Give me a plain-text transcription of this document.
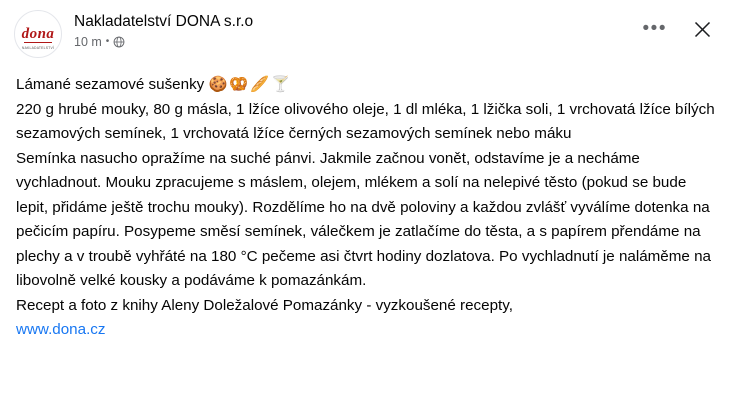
dona
NAKLADATELSTVÍ
Nakladatelství DONA s.r.o
10 m •
•••

Lámané sezamové sušenky 🍪🥨🥖🍸

220 g hrubé mouky, 80 g másla, 1 lžíce olivového oleje, 1 dl mléka, 1 lžička soli, 1 vrchovatá lžíce bílých sezamových semínek, 1 vrchovatá lžíce černých sezamových semínek nebo máku

Semínka nasucho opražíme na suché pánvi. Jakmile začnou vonět, odstavíme je a necháme vychladnout. Mouku zpracujeme s máslem, olejem, mlékem a solí na nelepivé těsto (pokud se bude lepit, přidáme ještě trochu mouky). Rozdělíme ho na dvě poloviny a každou zvlášť vyválíme dotenka na pečicím papíru. Posypeme směsí semínek, válečkem je zatlačíme do těsta, a s papírem přendáme na plechy a v troubě vyhřáté na 180 °C pečeme asi čtvrt hodiny dozlatova. Po vychladnutí je naláměme na libovolně velké kousky a podáváme k pomazánkám.

Recept a foto z knihy Aleny Doležalové Pomazánky - vyzkoušené recepty,

www.dona.cz
